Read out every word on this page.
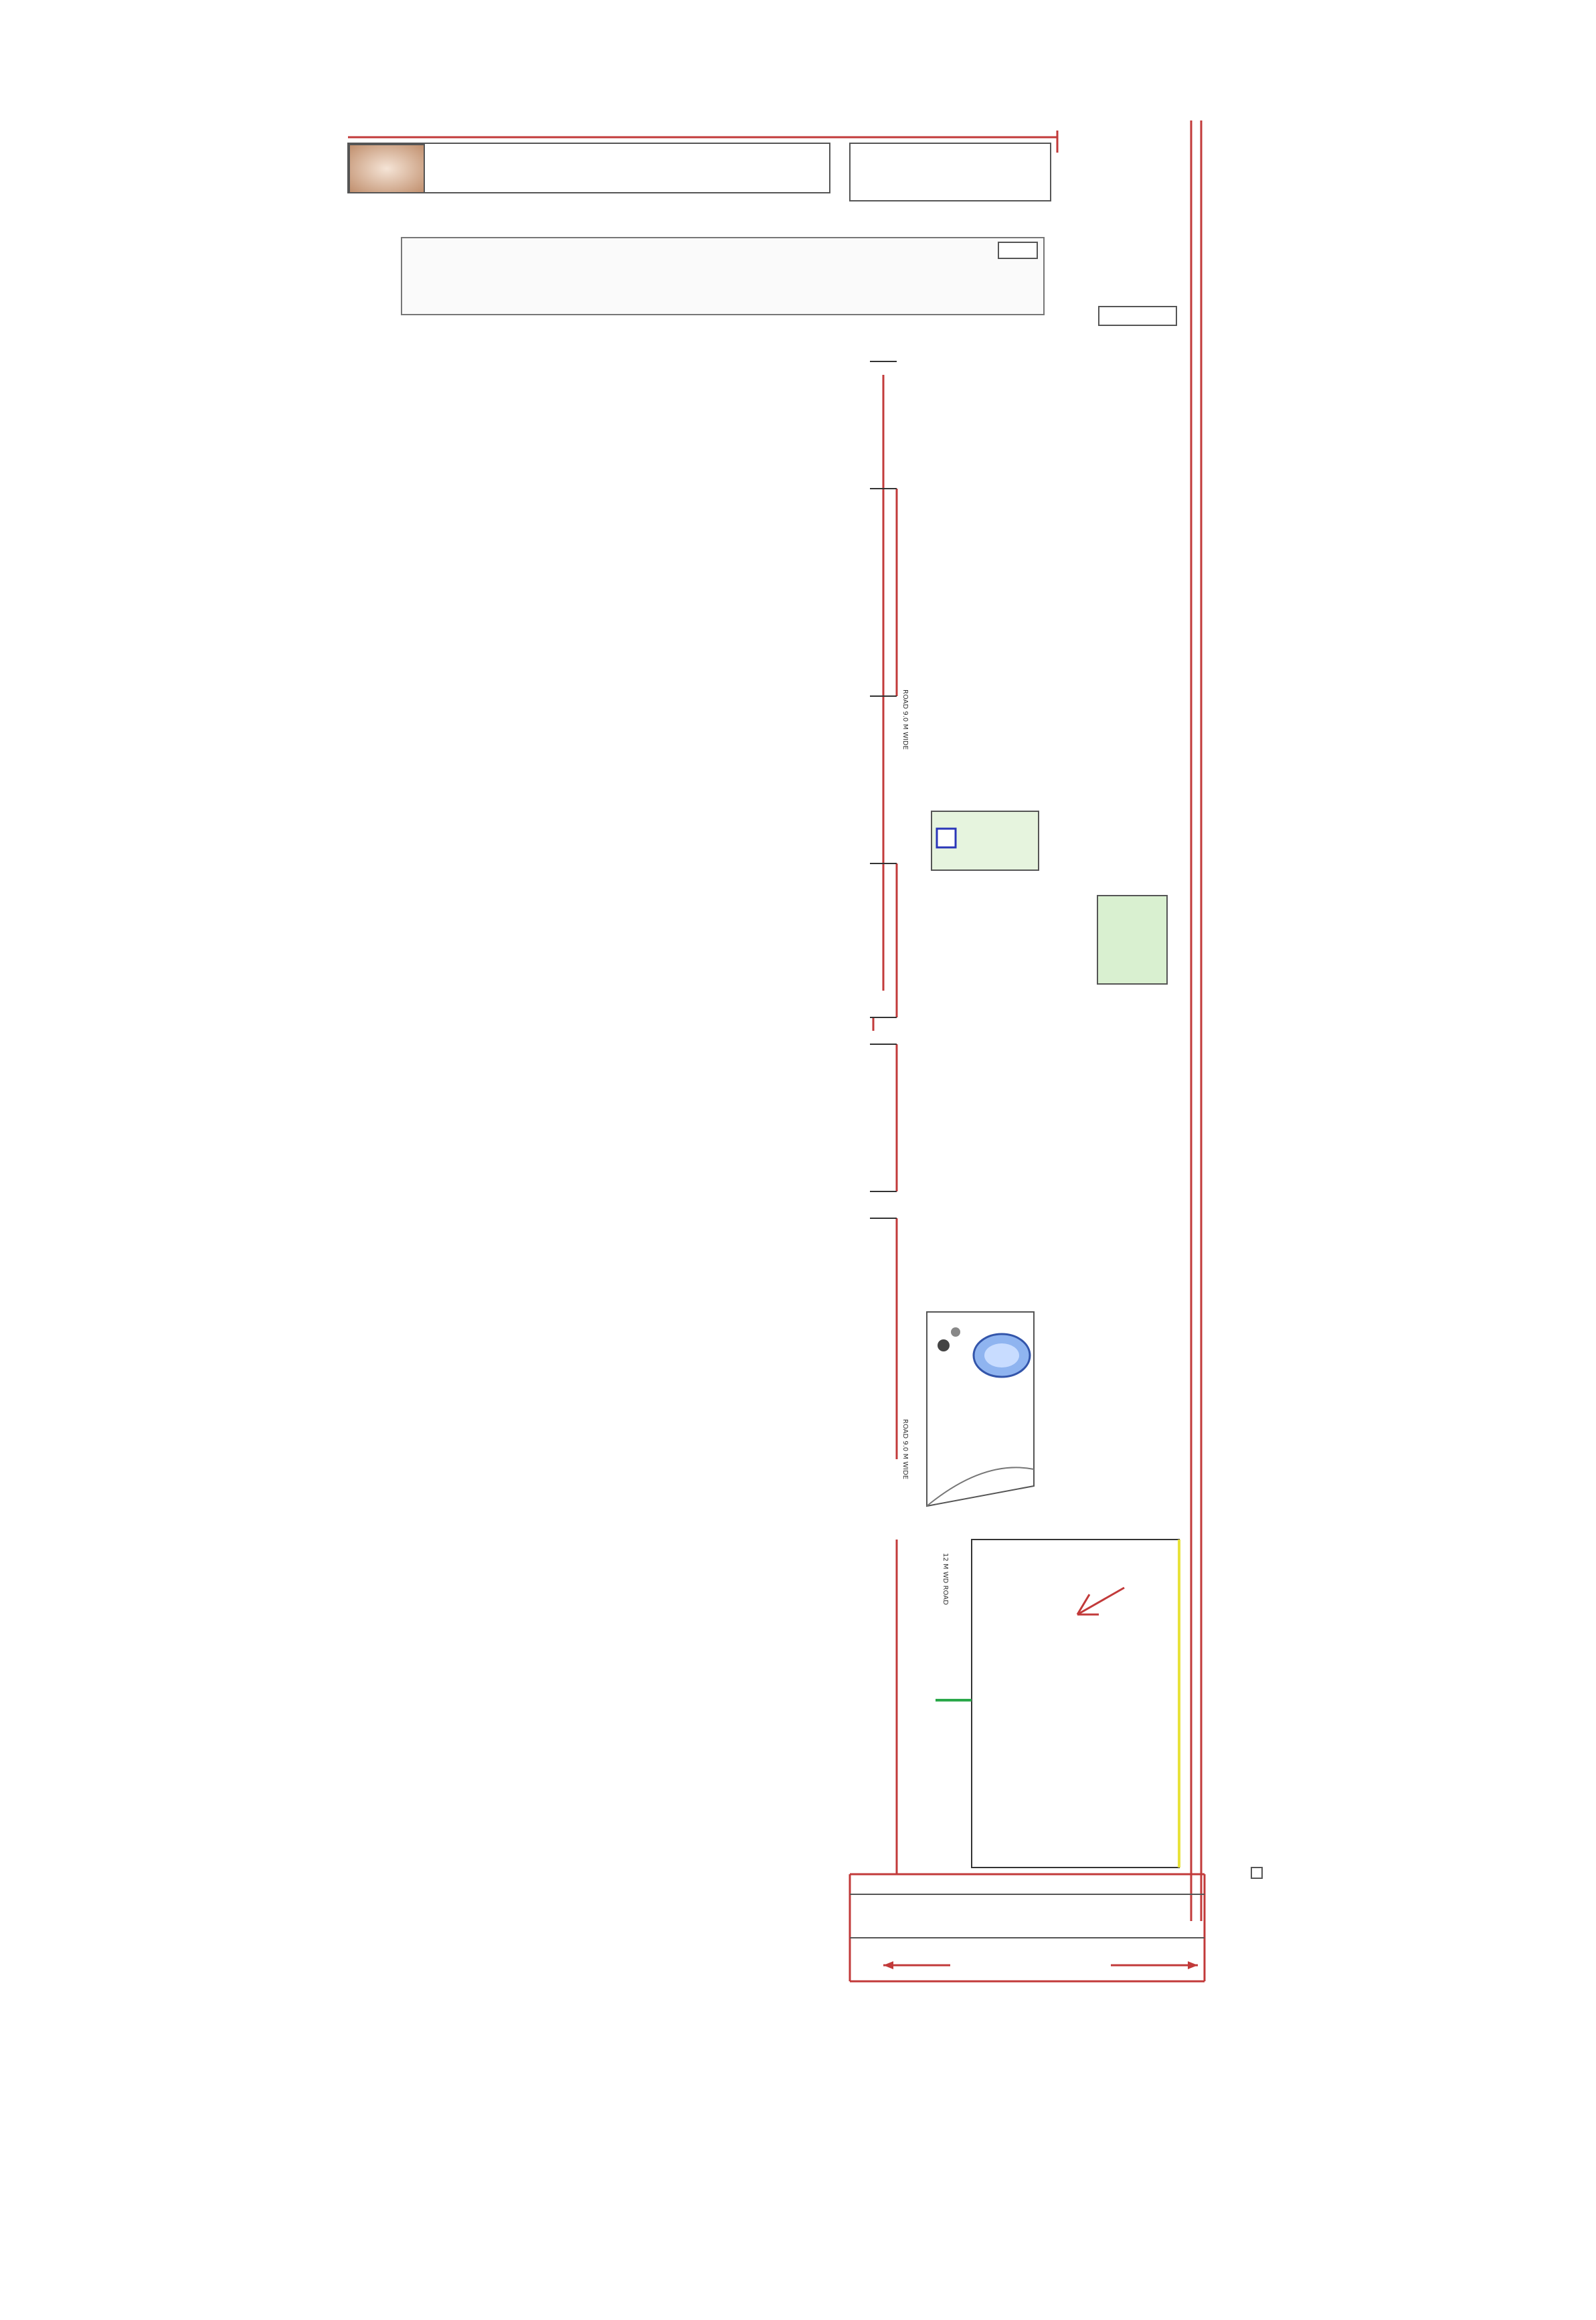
ROAD 9.0 M WIDE
ROAD 9.0 M WIDE
12 M WD ROAD
